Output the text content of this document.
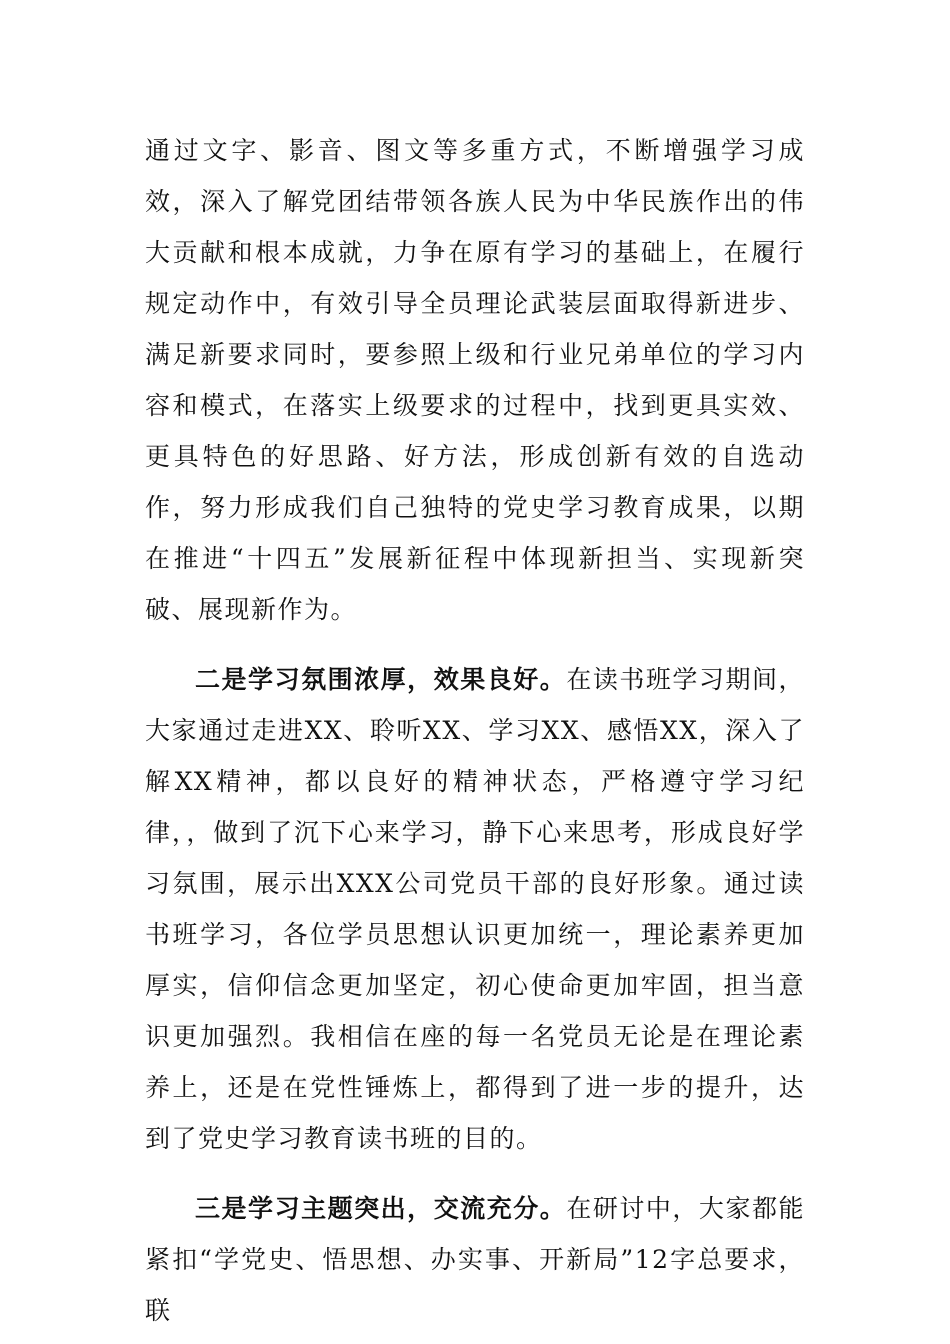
通过文字、影音、图文等多重方式，不断增强学习成效，深入了解党团结带领各族人民为中华民族作出的伟大贡献和根本成就，力争在原有学习的基础上，在履行规定动作中，有效引导全员理论武装层面取得新进步、满足新要求同时，要参照上级和行业兄弟单位的学习内容和模式，在落实上级要求的过程中，找到更具实效、更具特色的好思路、好方法，形成创新有效的自选动作，努力形成我们自己独特的党史学习教育成果，以期在推进“十四五”发展新征程中体现新担当、实现新突破、展现新作为。

二是学习氛围浓厚，效果良好。在读书班学习期间，大家通过走进XX、聆听XX、学习XX、感悟XX，深入了解XX精神，都以良好的精神状态，严格遵守学习纪律，，做到了沉下心来学习，静下心来思考，形成良好学习氛围，展示出XXX公司党员干部的良好形象。通过读书班学习，各位学员思想认识更加统一，理论素养更加厚实，信仰信念更加坚定，初心使命更加牢固，担当意识更加强烈。我相信在座的每一名党员无论是在理论素养上，还是在党性锤炼上，都得到了进一步的提升，达到了党史学习教育读书班的目的。

三是学习主题突出，交流充分。在研讨中，大家都能紧扣“学党史、悟思想、办实事、开新局”12字总要求，联
